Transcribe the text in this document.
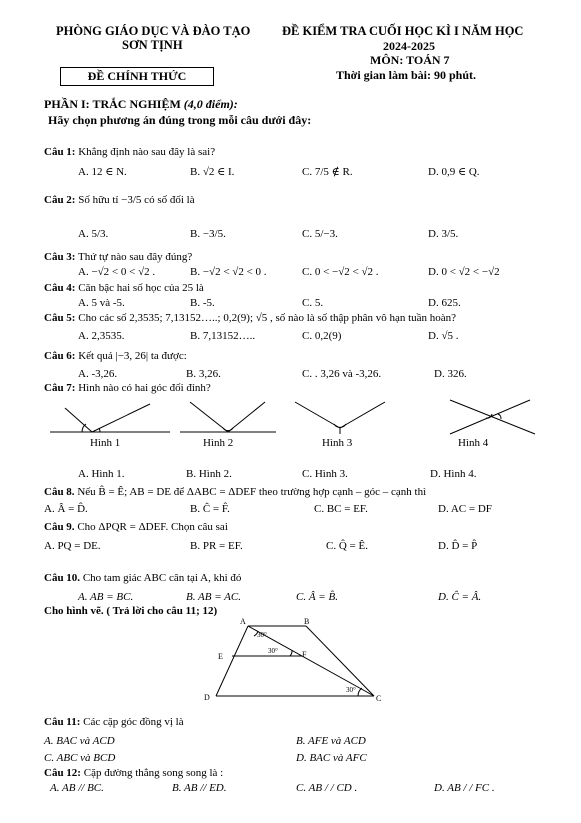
PHÒNG GIÁO DỤC VÀ ĐÀO TẠO
SƠN TỊNH
ĐỀ CHÍNH THỨC
ĐỀ KIỂM TRA CUỐI HỌC KÌ I NĂM HỌC
2024-2025
MÔN: TOÁN 7
Thời gian làm bài: 90 phút.
PHẦN I: TRẮC NGHIỆM (4,0 điểm):
Hãy chọn phương án đúng trong mỗi câu dưới đây:
Câu 1: Khẳng định nào sau đây là sai?
A. 12 ∈ N.	B. √2 ∈ I.	C. 7/5 ∉ R.	D. 0,9 ∈ Q.
Câu 2: Số hữu tỉ −3/5 có số đối là
A. 5/3.	B. −3/5.	C. 5/−3.	D. 3/5.
Câu 3: Thứ tự nào sau đây đúng?
A. −√2 < 0 < √2 .	B. −√2 < √2 < 0 .	C. 0 < −√2 < √2 .	D. 0 < √2 < −√2
Câu 4: Căn bậc hai số học của 25 là
A. 5 và -5.	B. -5.	C. 5.	D. 625.
Câu 5: Cho các số 2,3535; 7,13152…..; 0,2(9); √5 , số nào là số thập phân vô hạn tuần hoàn?
A. 2,3535.	B. 7,13152…..	C. 0,2(9)	D. √5 .
Câu 6: Kết quả |−3, 26| ta được:
A. -3,26.	B. 3,26.	C. . 3,26 và -3,26.	D. 326.
Câu 7: Hình nào có hai góc đối đỉnh?
Hình 1	Hình 2	Hình 3	Hình 4
A. Hình 1.	B. Hình 2.	C. Hình 3.	D. Hình 4.
Câu 8. Nếu B̂ = Ê; AB = DE để ΔABC = ΔDEF theo trường hợp cạnh – góc – cạnh thì
A. Â = D̂.	B. Ĉ = F̂.	C. BC = EF.	D. AC = DF
Câu 9. Cho ΔPQR = ΔDEF. Chọn câu sai
A. PQ = DE.	B. PR = EF.	C. Q̂ = Ê.	D. D̂ = P̂
Câu 10. Cho tam giác ABC cân tại A, khi đó
A. AB = BC.	B. AB = AC.	C. Â = B̂.	D. Ĉ = Â.
Cho hình vẽ. ( Trả lời cho câu 11; 12)
A	B
C
D
E	F
30°
30°
30°
Câu 11: Các cặp góc đồng vị là
A. BAC và ACD	B. AFE và ACD
C. ABC và BCD	D. BAC và AFC
Câu 12: Cặp đường thẳng song song là :
A. AB // BC.	B. AB // ED.	C. AB / / CD .	D. AB / / FC .
